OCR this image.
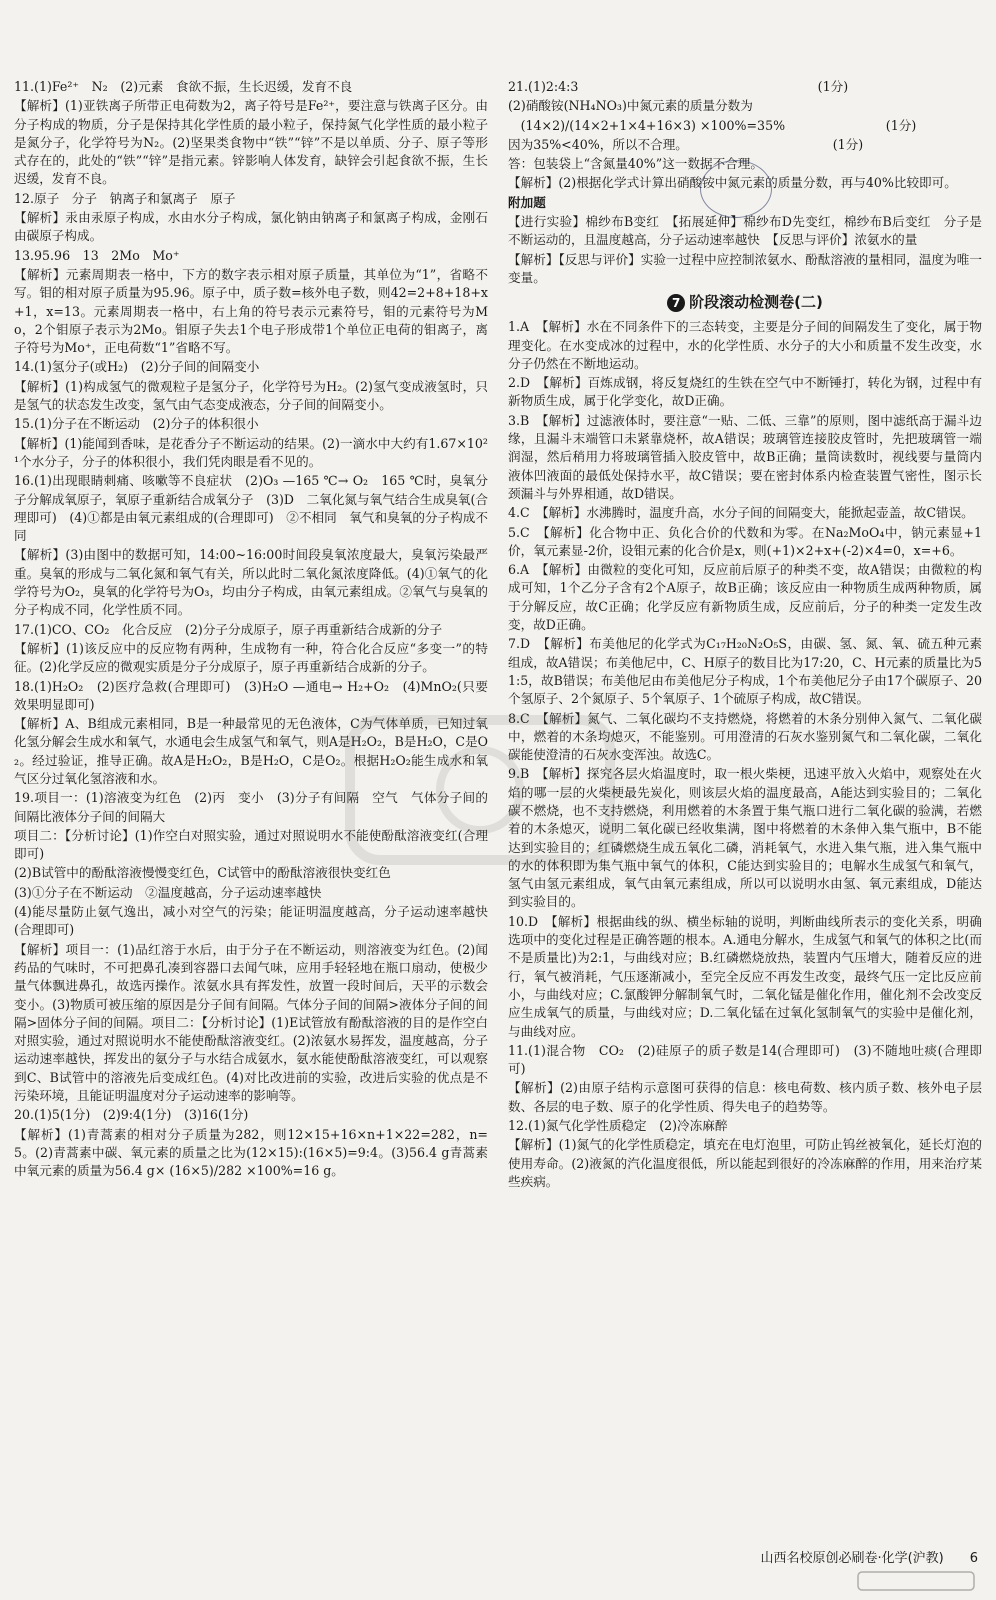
11.(1)Fe²⁺　N₂　(2)元素　食欲不振，生长迟缓，发育不良
【解析】(1)亚铁离子所带正电荷数为2，离子符号是Fe²⁺，要注意与铁离子区分。由分子构成的物质，分子是保持其化学性质的最小粒子，保持氮气化学性质的最小粒子是氮分子，化学符号为N₂。(2)坚果类食物中“铁”“锌”不是以单质、分子、原子等形式存在的，此处的“铁”“锌”是指元素。锌影响人体发育，缺锌会引起食欲不振，生长迟缓，发育不良。
12.原子　分子　钠离子和氯离子　原子
【解析】汞由汞原子构成，水由水分子构成，氯化钠由钠离子和氯离子构成，金刚石由碳原子构成。
13.95.96　13　2Mo　Mo⁺
【解析】元素周期表一格中，下方的数字表示相对原子质量，其单位为“1”，省略不写。钼的相对原子质量为95.96。原子中，质子数=核外电子数，则42=2+8+18+x+1，x=13。元素周期表一格中，右上角的符号表示元素符号，钼的元素符号为Mo，2个钼原子表示为2Mo。钼原子失去1个电子形成带1个单位正电荷的钼离子，离子符号为Mo⁺，正电荷数“1”省略不写。
14.(1)氢分子(或H₂)　(2)分子间的间隔变小
【解析】(1)构成氢气的微观粒子是氢分子，化学符号为H₂。(2)氢气变成液氢时，只是氢气的状态发生改变，氢气由气态变成液态，分子间的间隔变小。
15.(1)分子在不断运动　(2)分子的体积很小
【解析】(1)能闻到香味，是花香分子不断运动的结果。(2)一滴水中大约有1.67×10²¹个水分子，分子的体积很小，我们凭肉眼是看不见的。
16.(1)出现眼睛刺痛、咳嗽等不良症状　(2)O₃ —165 ℃→ O₂　165 ℃时，臭氧分子分解成氧原子，氧原子重新结合成氧分子　(3)D　二氧化氮与氧气结合生成臭氧(合理即可)　(4)①都是由氧元素组成的(合理即可)　②不相同　氧气和臭氧的分子构成不同
【解析】(3)由图中的数据可知，14:00~16:00时间段臭氧浓度最大，臭氧污染最严重。臭氧的形成与二氧化氮和氧气有关，所以此时二氧化氮浓度降低。(4)①氧气的化学符号为O₂，臭氧的化学符号为O₃，均由分子构成，由氧元素组成。②氧气与臭氧的分子构成不同，化学性质不同。
17.(1)CO、CO₂　化合反应　(2)分子分成原子，原子再重新结合成新的分子
【解析】(1)该反应中的反应物有两种，生成物有一种，符合化合反应“多变一”的特征。(2)化学反应的微观实质是分子分成原子，原子再重新结合成新的分子。
18.(1)H₂O₂　(2)医疗急救(合理即可)　(3)H₂O —通电→ H₂+O₂　(4)MnO₂(只要效果明显即可)
【解析】A、B组成元素相同，B是一种最常见的无色液体，C为气体单质，已知过氧化氢分解会生成水和氧气，水通电会生成氢气和氧气，则A是H₂O₂，B是H₂O，C是O₂。经过验证，推导正确。故A是H₂O₂，B是H₂O，C是O₂。根据H₂O₂能生成水和氧气区分过氧化氢溶液和水。
19.项目一：(1)溶液变为红色　(2)丙　变小　(3)分子有间隔　空气　气体分子间的间隔比液体分子间的间隔大
项目二：【分析讨论】(1)作空白对照实验，通过对照说明水不能使酚酞溶液变红(合理即可)
(2)B试管中的酚酞溶液慢慢变红色，C试管中的酚酞溶液很快变红色
(3)①分子在不断运动　②温度越高，分子运动速率越快
(4)能尽量防止氨气逸出，减小对空气的污染；能证明温度越高，分子运动速率越快(合理即可)
【解析】项目一：(1)品红溶于水后，由于分子在不断运动，则溶液变为红色。(2)闻药品的气味时，不可把鼻孔凑到容器口去闻气味，应用手轻轻地在瓶口扇动，使极少量气体飘进鼻孔，故选丙操作。浓氨水具有挥发性，放置一段时间后，天平的示数会变小。(3)物质可被压缩的原因是分子间有间隔。气体分子间的间隔>液体分子间的间隔>固体分子间的间隔。项目二：【分析讨论】(1)E试管放有酚酞溶液的目的是作空白对照实验，通过对照说明水不能使酚酞溶液变红。(2)浓氨水易挥发，温度越高，分子运动速率越快，挥发出的氨分子与水结合成氨水，氨水能使酚酞溶液变红，可以观察到C、B试管中的溶液先后变成红色。(4)对比改进前的实验，改进后实验的优点是不污染环境，且能证明温度对分子运动速率的影响等。
20.(1)5(1分)　(2)9:4(1分)　(3)16(1分)
【解析】(1)青蒿素的相对分子质量为282，则12×15+16×n+1×22=282，n=5。(2)青蒿素中碳、氧元素的质量之比为(12×15):(16×5)=9:4。(3)56.4 g青蒿素中氧元素的质量为56.4 g× (16×5)/282 ×100%=16 g。
21.(1)2:4:3　　　　　　　　　　　　　　　　　　　(1分)
(2)硝酸铵(NH₄NO₃)中氮元素的质量分数为
　(14×2)/(14×2+1×4+16×3) ×100%=35%　　　　　　　　(1分)
因为35%<40%，所以不合理。　　　　　　　　　　　　(1分)
答：包装袋上“含氮量40%”这一数据不合理。
【解析】(2)根据化学式计算出硝酸铵中氮元素的质量分数，再与40%比较即可。
附加题
【进行实验】棉纱布B变红　【拓展延伸】棉纱布D先变红，棉纱布B后变红　分子是不断运动的，且温度越高，分子运动速率越快　【反思与评价】浓氨水的量
【解析】【反思与评价】实验一过程中应控制浓氨水、酚酞溶液的量相同，温度为唯一变量。
7 阶段滚动检测卷(二)
1.A　【解析】水在不同条件下的三态转变，主要是分子间的间隔发生了变化，属于物理变化。在水变成冰的过程中，水的化学性质、水分子的大小和质量不发生改变，水分子仍然在不断地运动。
2.D　【解析】百炼成钢，将反复烧红的生铁在空气中不断锤打，转化为钢，过程中有新物质生成，属于化学变化，故D正确。
3.B　【解析】过滤液体时，要注意“一贴、二低、三靠”的原则，图中滤纸高于漏斗边缘，且漏斗末端管口未紧靠烧杯，故A错误；玻璃管连接胶皮管时，先把玻璃管一端润湿，然后稍用力将玻璃管插入胶皮管中，故B正确；量筒读数时，视线要与量筒内液体凹液面的最低处保持水平，故C错误；要在密封体系内检查装置气密性，图示长颈漏斗与外界相通，故D错误。
4.C　【解析】水沸腾时，温度升高，水分子间的间隔变大，能掀起壶盖，故C错误。
5.C　【解析】化合物中正、负化合价的代数和为零。在Na₂MoO₄中，钠元素显+1价，氧元素显-2价，设钼元素的化合价是x，则(+1)×2+x+(-2)×4=0，x=+6。
6.A　【解析】由微粒的变化可知，反应前后原子的种类不变，故A错误；由微粒的构成可知，1个乙分子含有2个A原子，故B正确；该反应由一种物质生成两种物质，属于分解反应，故C正确；化学反应有新物质生成，反应前后，分子的种类一定发生改变，故D正确。
7.D　【解析】布美他尼的化学式为C₁₇H₂₀N₂O₅S，由碳、氢、氮、氧、硫五种元素组成，故A错误；布美他尼中，C、H原子的数目比为17:20，C、H元素的质量比为51:5，故B错误；布美他尼由布美他尼分子构成，1个布美他尼分子由17个碳原子、20个氢原子、2个氮原子、5个氧原子、1个硫原子构成，故C错误。
8.C　【解析】氮气、二氧化碳均不支持燃烧，将燃着的木条分别伸入氮气、二氧化碳中，燃着的木条均熄灭，不能鉴别。可用澄清的石灰水鉴别氮气和二氧化碳，二氧化碳能使澄清的石灰水变浑浊。故选C。
9.B　【解析】探究各层火焰温度时，取一根火柴梗，迅速平放入火焰中，观察处在火焰的哪一层的火柴梗最先炭化，则该层火焰的温度最高，A能达到实验目的；二氧化碳不燃烧，也不支持燃烧，利用燃着的木条置于集气瓶口进行二氧化碳的验满，若燃着的木条熄灭，说明二氧化碳已经收集满，图中将燃着的木条伸入集气瓶中，B不能达到实验目的；红磷燃烧生成五氧化二磷，消耗氧气，水进入集气瓶，进入集气瓶中的水的体积即为集气瓶中氧气的体积，C能达到实验目的；电解水生成氢气和氧气，氢气由氢元素组成，氧气由氧元素组成，所以可以说明水由氢、氧元素组成，D能达到实验目的。
10.D　【解析】根据曲线的纵、横坐标轴的说明，判断曲线所表示的变化关系，明确选项中的变化过程是正确答题的根本。A.通电分解水，生成氢气和氧气的体积之比(而不是质量比)为2:1，与曲线对应；B.红磷燃烧放热，装置内气压增大，随着反应的进行，氧气被消耗，气压逐渐减小，至完全反应不再发生改变，最终气压一定比反应前小，与曲线对应；C.氯酸钾分解制氧气时，二氧化锰是催化作用，催化剂不会改变反应生成氧气的质量，与曲线对应；D.二氧化锰在过氧化氢制氧气的实验中是催化剂，与曲线对应。
11.(1)混合物　CO₂　(2)硅原子的质子数是14(合理即可)　(3)不随地吐痰(合理即可)
【解析】(2)由原子结构示意图可获得的信息：核电荷数、核内质子数、核外电子层数、各层的电子数、原子的化学性质、得失电子的趋势等。
12.(1)氮气化学性质稳定　(2)冷冻麻醉
【解析】(1)氮气的化学性质稳定，填充在电灯泡里，可防止钨丝被氧化，延长灯泡的使用寿命。(2)液氮的汽化温度很低，所以能起到很好的冷冻麻醉的作用，用来治疗某些疾病。
山西名校原创必刷卷·化学(沪教)　　6
